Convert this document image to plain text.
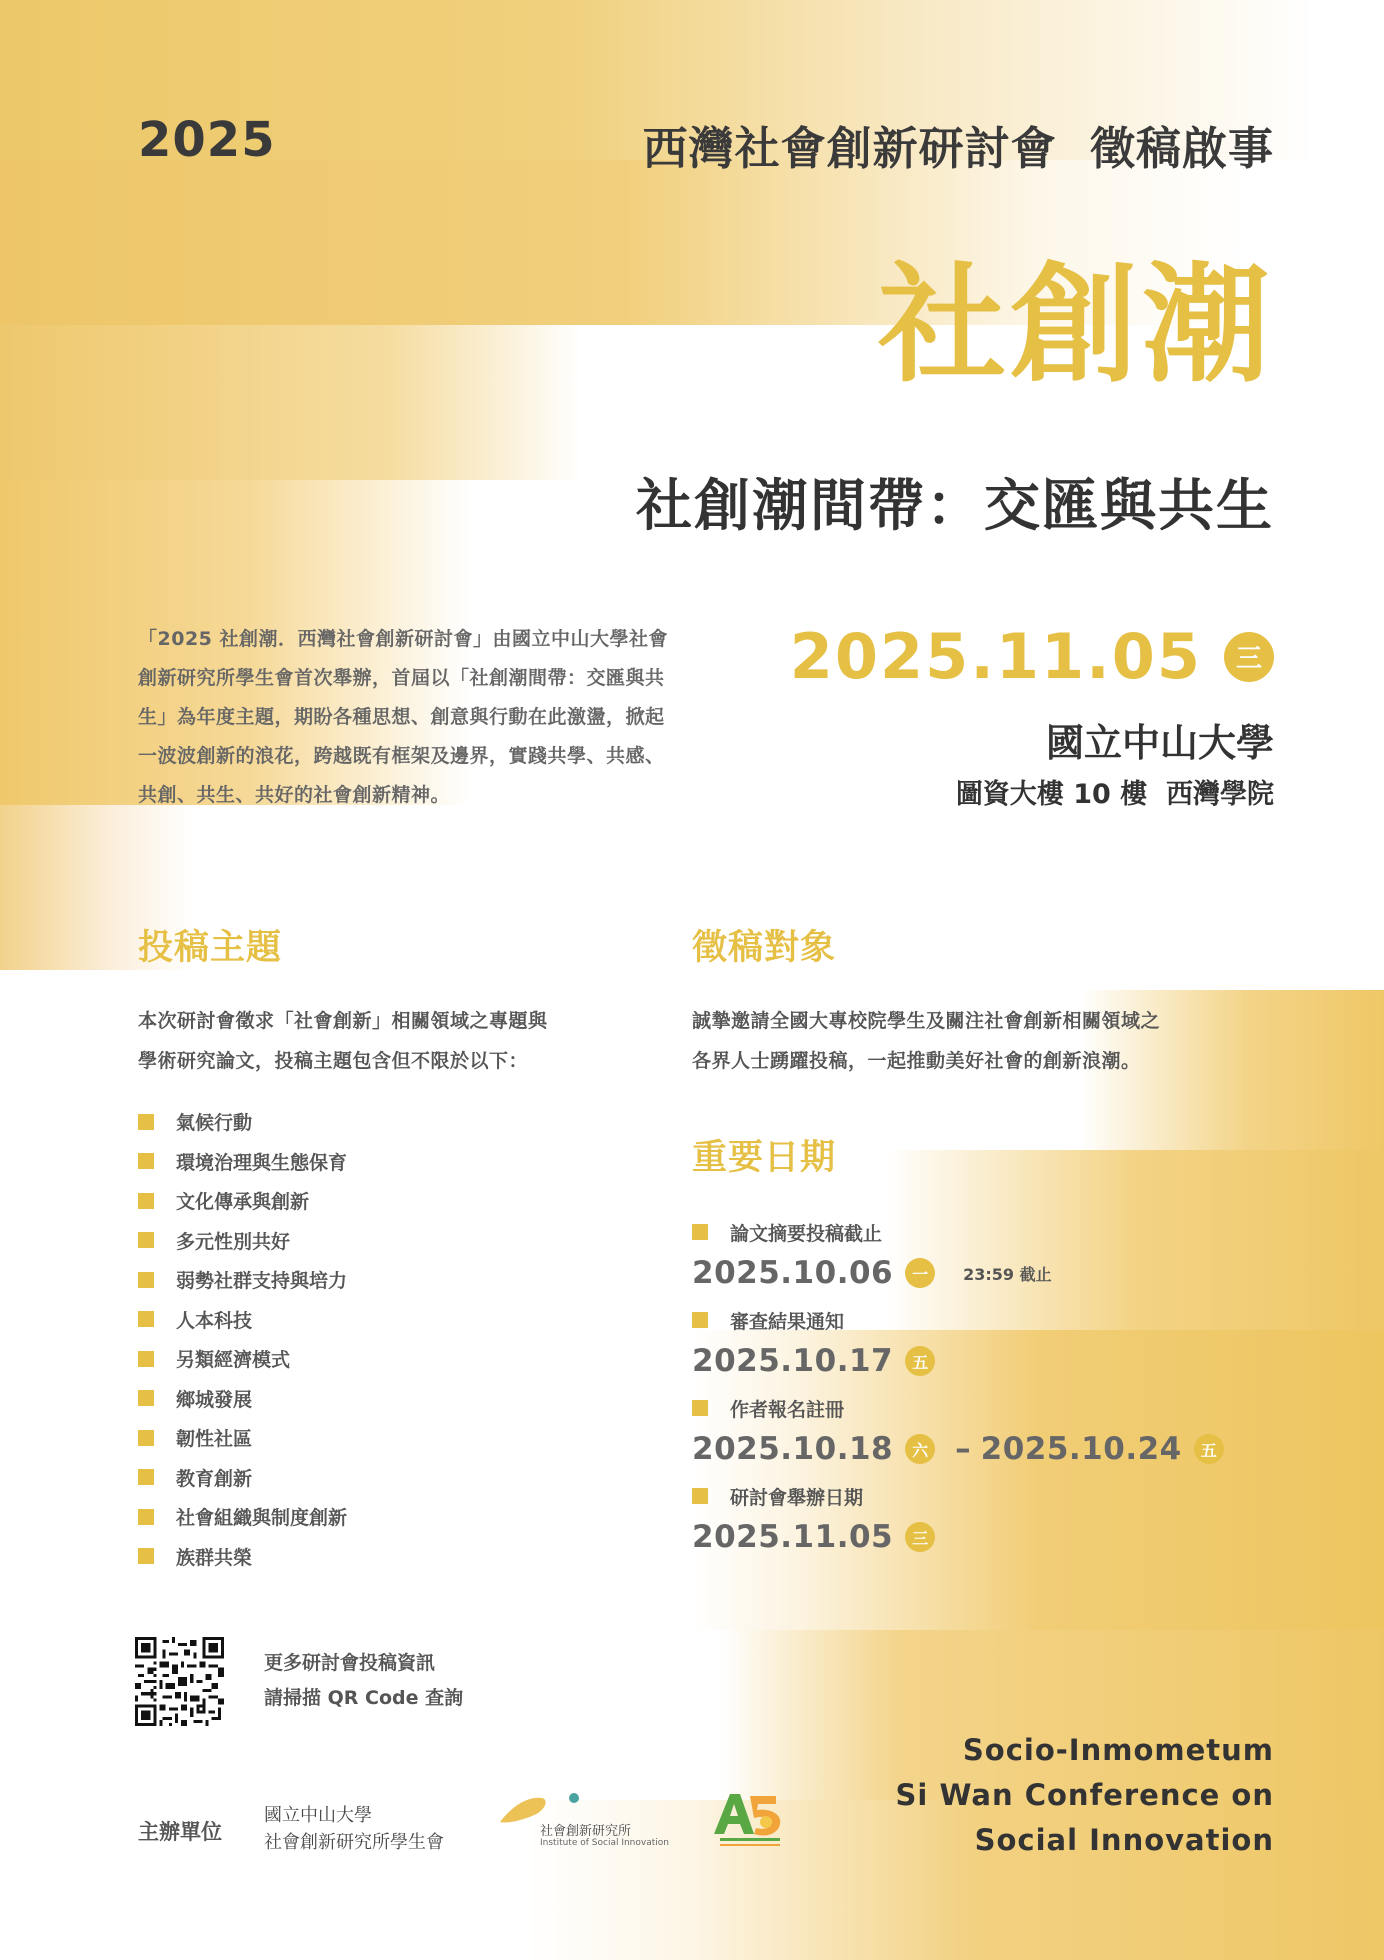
2025	西灣社會創新研討會  徵稿啟事
社創潮
社創潮間帶：交匯與共生
「2025 社創潮．西灣社會創新研討會」由國立中山大學社會
創新研究所學生會首次舉辦，首屆以「社創潮間帶：交匯與共
生」為年度主題，期盼各種思想、創意與行動在此激盪，掀起
一波波創新的浪花，跨越既有框架及邊界，實踐共學、共感、
共創、共生、共好的社會創新精神。
2025.11.05	三
國立中山大學
圖資大樓 10 樓  西灣學院
投稿主題
本次研討會徵求「社會創新」相關領域之專題與
學術研究論文，投稿主題包含但不限於以下：
氣候行動
環境治理與生態保育
文化傳承與創新
多元性別共好
弱勢社群支持與培力
人本科技
另類經濟模式
鄉城發展
韌性社區
教育創新
社會組織與制度創新
族群共榮
徵稿對象
誠摯邀請全國大專校院學生及關注社會創新相關領域之
各界人士踴躍投稿，一起推動美好社會的創新浪潮。
重要日期
論文摘要投稿截止
2025.10.06	一	23:59 截止
審查結果通知
2025.10.17	五
作者報名註冊
2025.10.18	六 – 2025.10.24	五
研討會舉辦日期
2025.11.05	三
更多研討會投稿資訊
請掃描 QR Code 查詢
Socio-Inmometum
Si Wan Conference on
Social Innovation
主辦單位
國立中山大學
社會創新研究所學生會
社會創新研究所
Institute of Social Innovation
